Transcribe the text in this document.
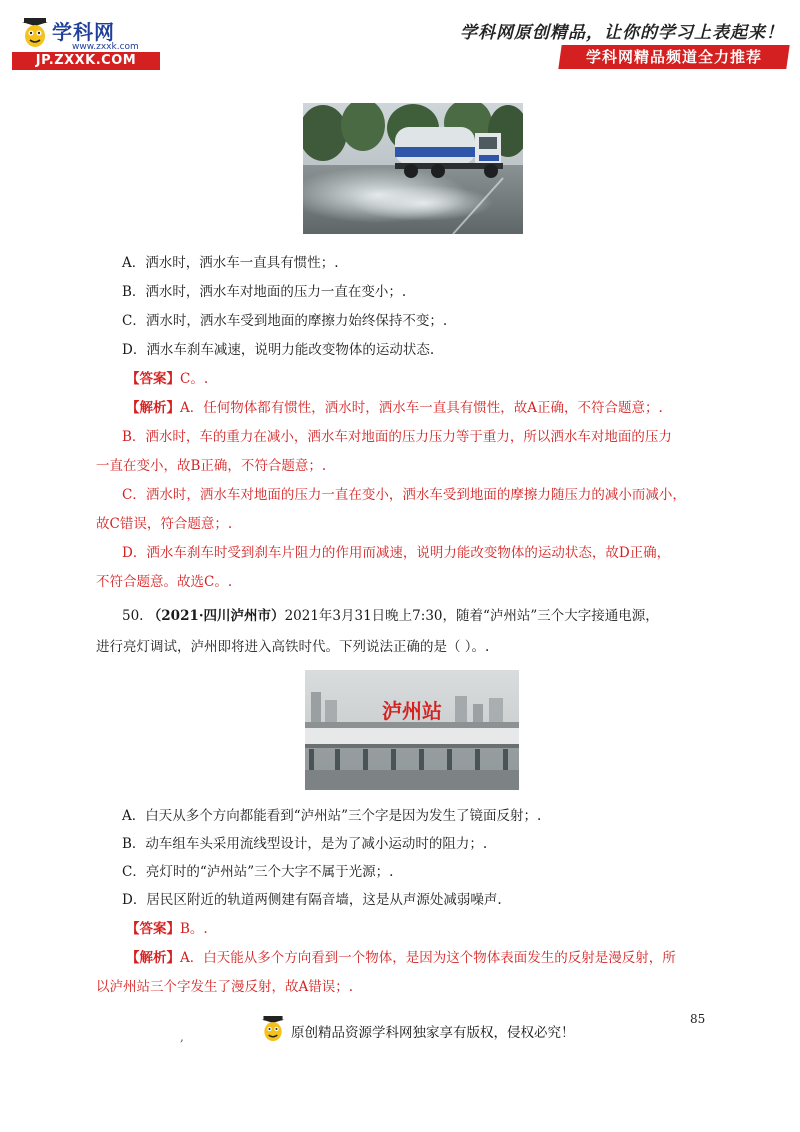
学科网
www.zxxk.com
JP.ZXXK.COM
学科网原创精品，让你的学习上表起来！
学科网精品频道全力推荐
A．洒水时，洒水车一直具有惯性；.
B．洒水时，洒水车对地面的压力一直在变小；.
C．洒水时，洒水车受到地面的摩擦力始终保持不变；.
D．洒水车刹车减速，说明力能改变物体的运动状态.
【答案】C。.
【解析】A．任何物体都有惯性，洒水时，洒水车一直具有惯性，故A正确，不符合题意；.
B．洒水时，车的重力在减小，洒水车对地面的压力压力等于重力，所以洒水车对地面的压力
一直在变小，故B正确，不符合题意；.
C．洒水时，洒水车对地面的压力一直在变小，洒水车受到地面的摩擦力随压力的减小而减小，
故C错误，符合题意；.
D．洒水车刹车时受到刹车片阻力的作用而减速，说明力能改变物体的运动状态，故D正确，
不符合题意。故选C。.
50. （2021·四川泸州市）2021年3月31日晚上7:30，随着“泸州站”三个大字接通电源，
进行亮灯调试，泸州即将进入高铁时代。下列说法正确的是（ ）。.
泸州站
A．白天从多个方向都能看到“泸州站”三个字是因为发生了镜面反射；.
B．动车组车头采用流线型设计，是为了减小运动时的阻力；.
C．亮灯时的“泸州站”三个大字不属于光源；.
D．居民区附近的轨道两侧建有隔音墙，这是从声源处减弱噪声.
【答案】B。.
【解析】A．白天能从多个方向看到一个物体，是因为这个物体表面发生的反射是漫反射，所
以泸州站三个字发生了漫反射，故A错误；.
85
,	原创精品资源学科网独家享有版权，侵权必究！
